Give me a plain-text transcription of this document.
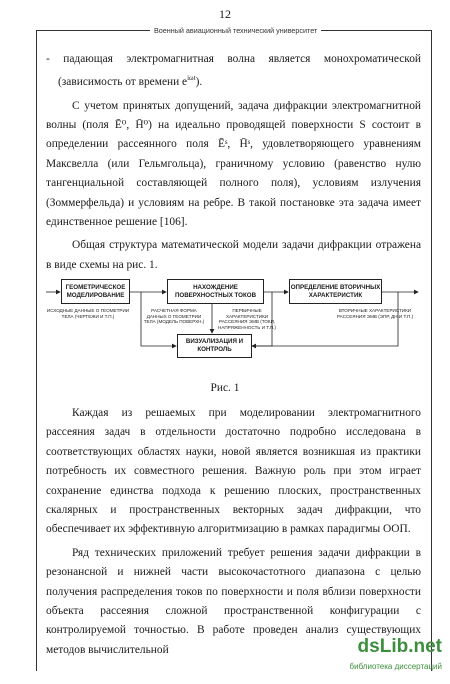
12
Военный авиационный технический университет

- падающая электромагнитная волна является монохроматической (зависимость от времени $e^{i\omega t}$).

С учетом принятых допущений, задача дифракции электромагнитной волны (поля Ē⁰, H̄⁰) на идеально проводящей поверхности S состоит в определении рассеянного поля Ēˢ, H̄ˢ, удовлетворяющего уравнениям Максвелла (или Гельмгольца), граничному условию (равенство нулю тангенциальной составляющей полного поля), условиям излучения (Зоммерфельда) и условиям на ребре. В такой постановке эта задача имеет единственное решение [106].

Общая структура математической модели задачи дифракции отражена в виде схемы на рис. 1.

ГЕОМЕТРИЧЕСКОЕ МОДЕЛИРОВАНИЕ
НАХОЖДЕНИЕ ПОВЕРХНОСТНЫХ ТОКОВ
ОПРЕДЕЛЕНИЕ ВТОРИЧНЫХ ХАРАКТЕРИСТИК
ВИЗУАЛИЗАЦИЯ И КОНТРОЛЬ
ИСХОДНЫЕ ДАННЫЕ О ГЕОМЕТРИИ ТЕЛА (ЧЕРТЕЖИ И Т.П.)
РАСЧЕТНАЯ ФОРМА ДАННЫХ О ГЕОМЕТРИИ ТЕЛА (МОДЕЛЬ ПОВЕРХН.)
ПЕРВИЧНЫЕ ХАРАКТЕРИСТИКИ РАССЕЯНИЯ ЭМВ (ТОКИ, НАПРЯЖЕННОСТЬ И Т.П.)
ВТОРИЧНЫЕ ХАРАКТЕРИСТИКИ РАССЕЯНИЯ ЭМВ (ЭПР, ДН И Т.П.)
Рис. 1

Каждая из решаемых при моделировании электромагнитного рассеяния задач в отдельности достаточно подробно исследована в соответствующих областях науки, новой является возникшая из практики потребность их совместного решения. Важную роль при этом играет сохранение единства подхода к решению плоских, пространственных скалярных и пространственных векторных задач дифракции, что обеспечивает их эффективную алгоритмизацию в рамках парадигмы ООП.

Ряд технических приложений требует решения задачи дифракции в резонансной и нижней части высокочастотного диапазона с целью получения распределения токов по поверхности и поля вблизи поверхности объекта рассеяния сложной пространственной конфигурации с контролируемой точностью. В работе проведен анализ существующих методов вычислительной	dsLib.net
библиотека диссертаций
